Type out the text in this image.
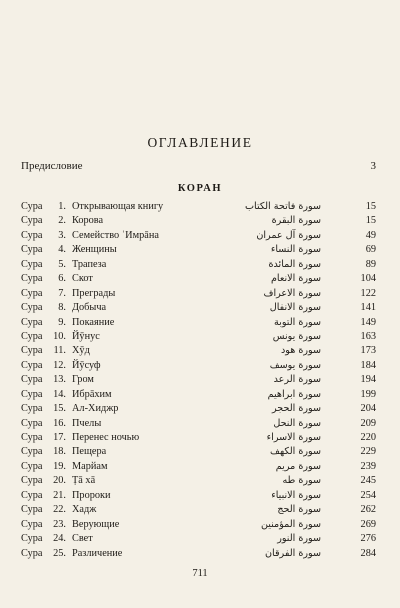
ОГЛАВЛЕНИЕ
Предисловие	3
КОРАН
Сура	1. Открывающая книгу	سورة فاتحة الكتاب	15
Сура	2. Корова	سورة البقرة	15
Сура	3. Семейство ʿИмрāна	سورة آل عمران	49
Сура	4. Женщины	سورة النساء	69
Сура	5. Трапеза	سورة المائدة	89
Сура	6. Скот	سورة الانعام	104
Сура	7. Преграды	سورة الاعراف	122
Сура	8. Добыча	سورة الانفال	141
Сура	9. Покаяние	سورة التوبة	149
Сура	10. Йӯнус	سورة يونس	163
Сура	11. Хӯд	سورة هود	173
Сура	12. Йӯсуф	سورة يوسف	184
Сура	13. Гром	سورة الرعد	194
Сура	14. Ибрāхим	سورة ابراهيم	199
Сура	15. Ал-Хиджр	سورة الحجر	204
Сура	16. Пчелы	سورة النحل	209
Сура	17. Перенес ночью	سورة الاسراء	220
Сура	18. Пещера	سورة الكهف	229
Сура	19. Марйам	سورة مريم	239
Сура	20. Ṭā хā	سورة طه	245
Сура	21. Пророки	سورة الانبياء	254
Сура	22. Хадж	سورة الحج	262
Сура	23. Верующие	سورة المؤمنين	269
Сура	24. Свет	سورة النور	276
Сура	25. Различение	سورة الفرقان	284
711
